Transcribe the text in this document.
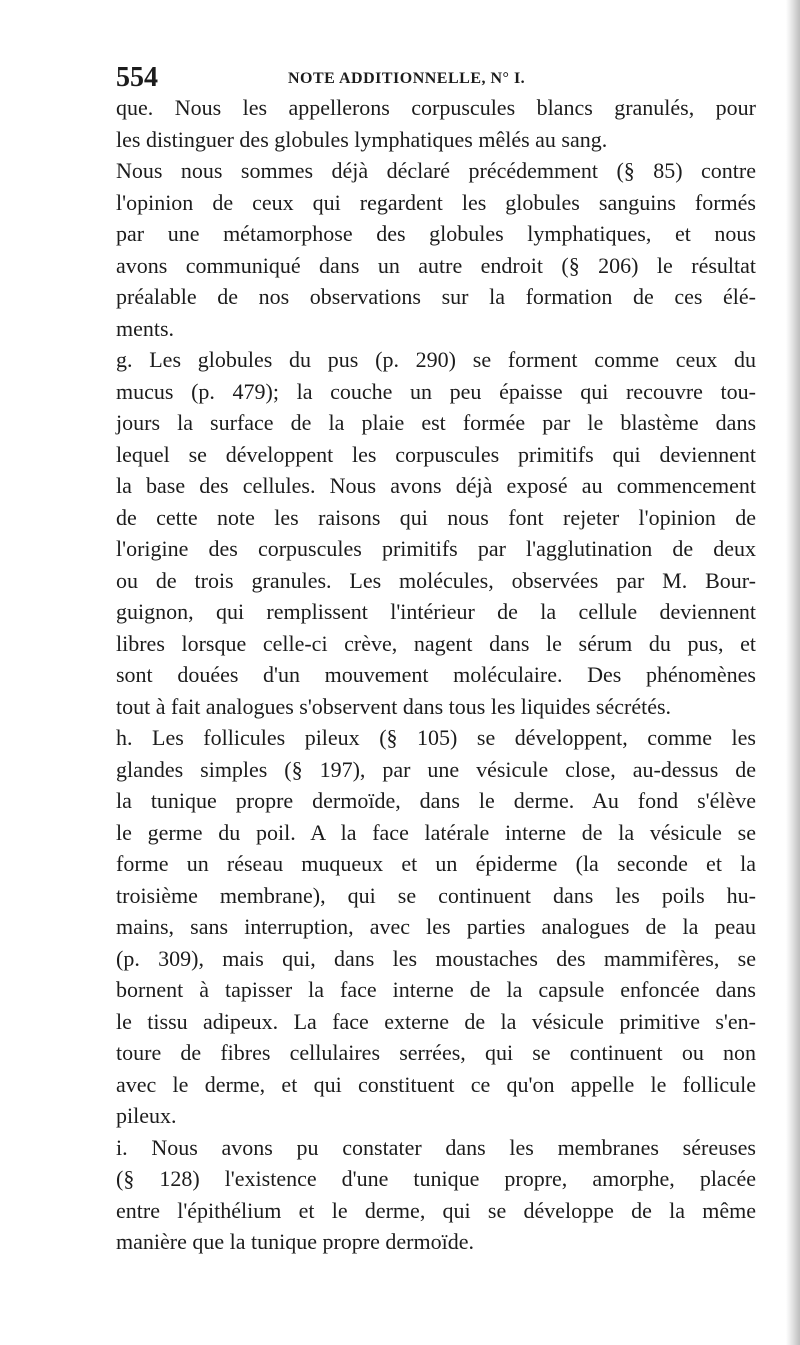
554	NOTE ADDITIONNELLE, N° I.
que. Nous les appellerons corpuscules blancs granulés, pour
les distinguer des globules lymphatiques mêlés au sang.
Nous nous sommes déjà déclaré précédemment (§ 85) contre
l'opinion de ceux qui regardent les globules sanguins formés
par une métamorphose des globules lymphatiques, et nous
avons communiqué dans un autre endroit (§ 206) le résultat
préalable de nos observations sur la formation de ces élé-
ments.
g. Les globules du pus (p. 290) se forment comme ceux du
mucus (p. 479); la couche un peu épaisse qui recouvre tou-
jours la surface de la plaie est formée par le blastème dans
lequel se développent les corpuscules primitifs qui deviennent
la base des cellules. Nous avons déjà exposé au commencement
de cette note les raisons qui nous font rejeter l'opinion de
l'origine des corpuscules primitifs par l'agglutination de deux
ou de trois granules. Les molécules, observées par M. Bour-
guignon, qui remplissent l'intérieur de la cellule deviennent
libres lorsque celle-ci crève, nagent dans le sérum du pus, et
sont douées d'un mouvement moléculaire. Des phénomènes
tout à fait analogues s'observent dans tous les liquides sécrétés.
h. Les follicules pileux (§ 105) se développent, comme les
glandes simples (§ 197), par une vésicule close, au-dessus de
la tunique propre dermoïde, dans le derme. Au fond s'élève
le germe du poil. A la face latérale interne de la vésicule se
forme un réseau muqueux et un épiderme (la seconde et la
troisième membrane), qui se continuent dans les poils hu-
mains, sans interruption, avec les parties analogues de la peau
(p. 309), mais qui, dans les moustaches des mammifères, se
bornent à tapisser la face interne de la capsule enfoncée dans
le tissu adipeux. La face externe de la vésicule primitive s'en-
toure de fibres cellulaires serrées, qui se continuent ou non
avec le derme, et qui constituent ce qu'on appelle le follicule
pileux.
i. Nous avons pu constater dans les membranes séreuses
(§ 128) l'existence d'une tunique propre, amorphe, placée
entre l'épithélium et le derme, qui se développe de la même
manière que la tunique propre dermoïde.
